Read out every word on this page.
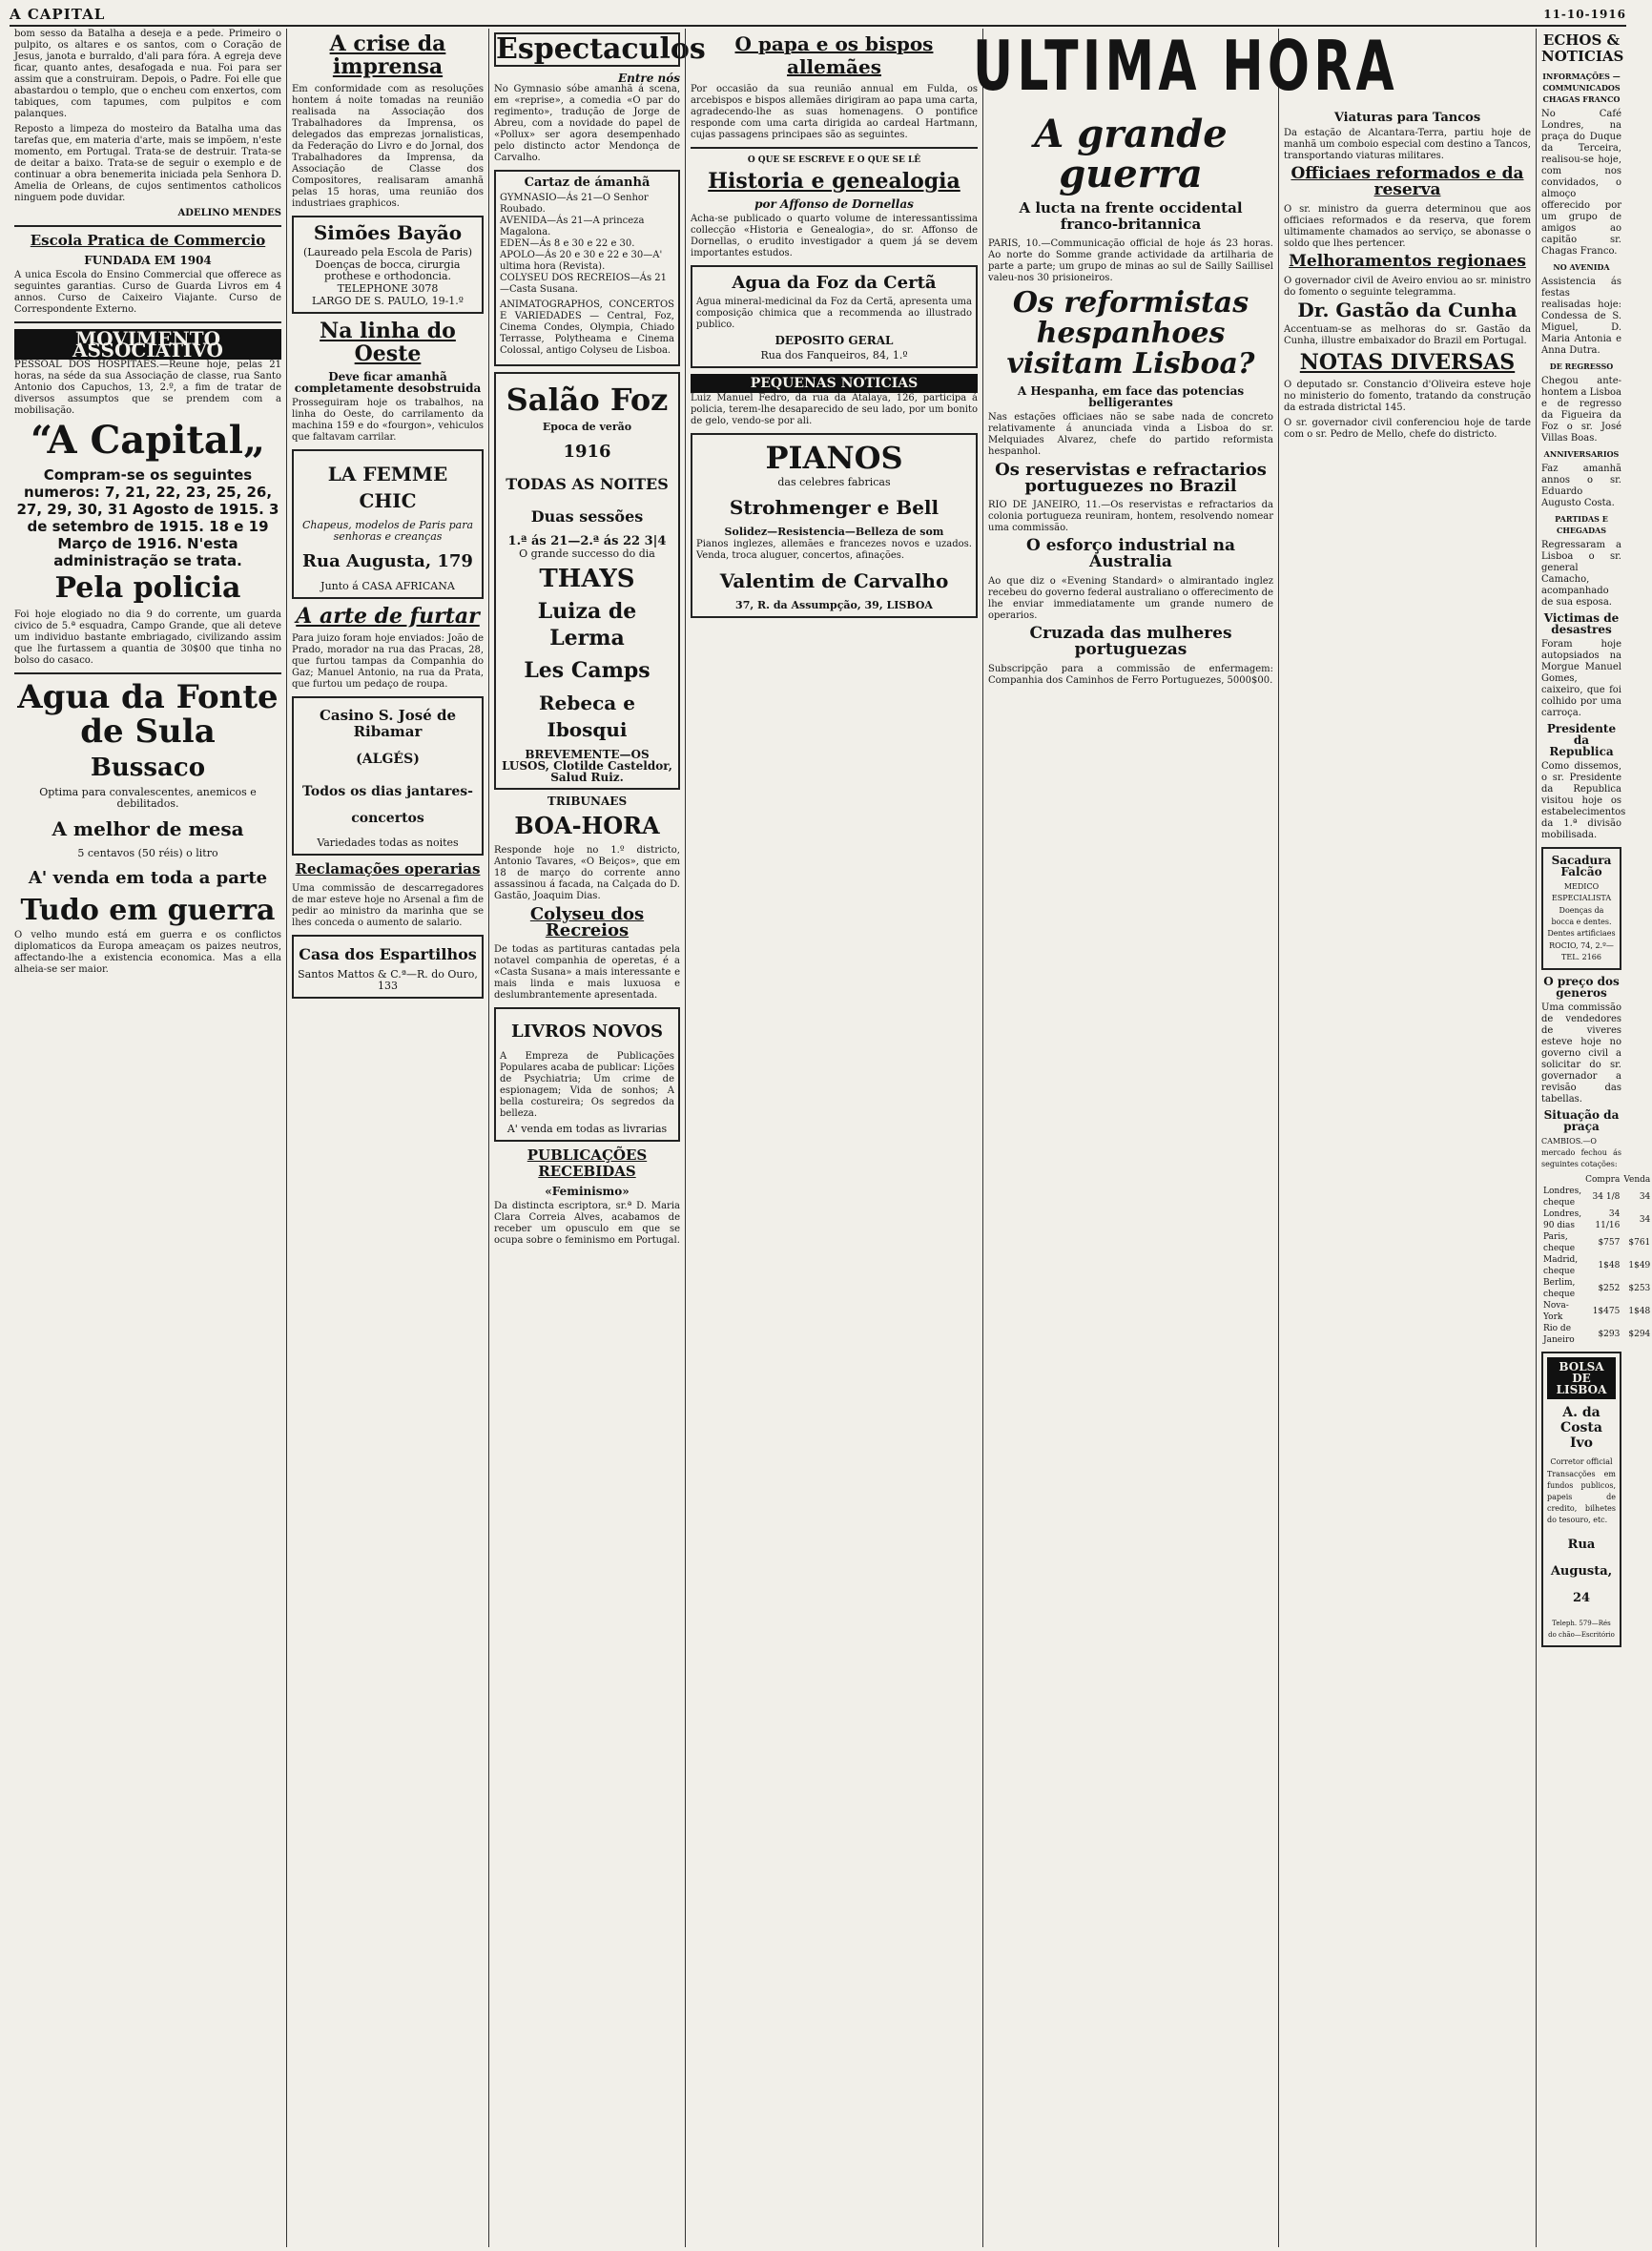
A CAPITAL	11-10-1916

bom sesso da Batalha a deseja e a pede. Primeiro o pulpito, os altares e os santos, com o Coração de Jesus, janota e burraldo, d'ali para fóra. A egreja deve ficar, quanto antes, desafogada e nua. Foi para ser assim que a construiram. Depois, o Padre. Foi elle que abastardou o templo, que o encheu com enxertos, com tabiques, com tapumes, com pulpitos e com palanques.

Reposto a limpeza do mosteiro da Batalha uma das tarefas que, em materia d'arte, mais se impõem, n'este momento, em Portugal. Trata-se de destruir. Trata-se de deitar a baixo. Trata-se de seguir o exemplo e de continuar a obra benemerita iniciada pela Senhora D. Amelia de Orleans, de cujos sentimentos catholicos ninguem pode duvidar.

ADELINO MENDES
Escola Pratica de Commercio
FUNDADA EM 1904

A unica Escola do Ensino Commercial que offerece as seguintes garantias. Curso de Guarda Livros em 4 annos. Curso de Caixeiro Viajante. Curso de Correspondente Externo.

MOVIMENTO ASSOCIATIVO

PESSOAL DOS HOSPITAES.—Reune hoje, pelas 21 horas, na séde da sua Associação de classe, rua Santo Antonio dos Capuchos, 13, 2.º, a fim de tratar de diversos assumptos que se prendem com a mobilisação.

“A Capital„

Compram-se os seguintes numeros: 7, 21, 22, 23, 25, 26, 27, 29, 30, 31 Agosto de 1915. 3 de setembro de 1915. 18 e 19 Março de 1916. N'esta administração se trata.

Pela policia

Foi hoje elogiado no dia 9 do corrente, um guarda civico de 5.ª esquadra, Campo Grande, que ali deteve um individuo bastante embriagado, civilizando assim que lhe furtassem a quantia de 30$00 que tinha no bolso do casaco.

Agua da Fonte de Sula
Bussaco
Optima para convalescentes, anemicos e debilitados.
A melhor de mesa
5 centavos (50 réis) o litro
A' venda em toda a parte
Tudo em guerra

O velho mundo está em guerra e os conflictos diplomaticos da Europa ameaçam os paizes neutros, affectando-lhe a existencia economica. Mas a ella alheia-se ser maior.

A crise da imprensa

Em conformidade com as resoluções hontem á noite tomadas na reunião realisada na Associação dos Trabalhadores da Imprensa, os delegados das emprezas jornalisticas, da Federação do Livro e do Jornal, dos Trabalhadores da Imprensa, da Associação de Classe dos Compositores, realisaram amanhã pelas 15 horas, uma reunião dos industriaes graphicos.

Simões Bayão
(Laureado pela Escola de Paris)
Doenças de bocca, cirurgia prothese e orthodoncia.
TELEPHONE 3078
LARGO DE S. PAULO, 19-1.º
Na linha do Oeste
Deve ficar amanhã completamente desobstruida

Prosseguiram hoje os trabalhos, na linha do Oeste, do carrilamento da machina 159 e do «fourgon», vehiculos que faltavam carrilar.

LA FEMME CHIC
Chapeus, modelos de Paris para senhoras e creanças
Rua Augusta, 179
Junto á CASA AFRICANA
A arte de furtar

Para juizo foram hoje enviados: João de Prado, morador na rua das Pracas, 28, que furtou tampas da Companhia do Gaz; Manuel Antonio, na rua da Prata, que furtou um pedaço de roupa.

Casino S. José de Ribamar
(ALGÉS)
Todos os dias jantares-concertos
Variedades todas as noites
Reclamações operarias

Uma commissão de descarregadores de mar esteve hoje no Arsenal a fim de pedir ao ministro da marinha que se lhes conceda o aumento de salario.

Casa dos Espartilhos
Santos Mattos & C.ª—R. do Ouro, 133
Espectaculos
Entre nós

No Gymnasio sóbe amanhã á scena, em «reprise», a comedia «O par do regimento», tradução de Jorge de Abreu, com a novidade do papel de «Pollux» ser agora desempenhado pelo distincto actor Mendonça de Carvalho.

Cartaz de ámanhã
GYMNASIO—Ás 21—O Senhor Roubado.
AVENIDA—Ás 21—A princeza Magalona.
EDEN—Ás 8 e 30 e 22 e 30.
APOLO—Ás 20 e 30 e 22 e 30—A' ultima hora (Revista).
COLYSEU DOS RECREIOS—Ás 21—Casta Susana.

ANIMATOGRAPHOS, CONCERTOS E VARIEDADES — Central, Foz, Cinema Condes, Olympia, Chiado Terrasse, Polytheama e Cinema Colossal, antigo Colyseu de Lisboa.

Salão Foz
Epoca de verão
1916
TODAS AS NOITES
Duas sessões
1.ª ás 21—2.ª ás 22 3|4
O grande successo do dia
THAYS
Luiza de Lerma
Les Camps
Rebeca e Ibosqui
BREVEMENTE—OS LUSOS, Clotilde Casteldor, Salud Ruiz.
TRIBUNAES
BOA-HORA

Responde hoje no 1.º districto, Antonio Tavares, «O Beiços», que em 18 de março do corrente anno assassinou á facada, na Calçada do D. Gastão, Joaquim Dias.

Colyseu dos Recreios

De todas as partituras cantadas pela notavel companhia de operetas, é a «Casta Susana» a mais interessante e mais linda e mais luxuosa e deslumbrantemente apresentada.

LIVROS NOVOS

A Empreza de Publicações Populares acaba de publicar: Lições de Psychiatria; Um crime de espionagem; Vida de sonhos; A bella costureira; Os segredos da belleza.

A' venda em todas as livrarias
PUBLICAÇÕES RECEBIDAS
«Feminismo»

Da distincta escriptora, sr.ª D. Maria Clara Correia Alves, acabamos de receber um opusculo em que se ocupa sobre o feminismo em Portugal.

O papa e os bispos allemães

Por occasião da sua reunião annual em Fulda, os arcebispos e bispos allemães dirigiram ao papa uma carta, agradecendo-lhe as suas homenagens. O pontifice responde com uma carta dirigida ao cardeal Hartmann, cujas passagens principaes são as seguintes.

O QUE SE ESCREVE E O QUE SE LÊ
Historia e genealogia
por Affonso de Dornellas

Acha-se publicado o quarto volume de interessantissima collecção «Historia e Genealogia», do sr. Affonso de Dornellas, o erudito investigador a quem já se devem importantes estudos.

Agua da Foz da Certã

Agua mineral-medicinal da Foz da Certã, apresenta uma composição chimica que a recommenda ao illustrado publico.

DEPOSITO GERAL
Rua dos Fanqueiros, 84, 1.º
PEQUENAS NOTICIAS

Luiz Manuel Fedro, da rua da Atalaya, 126, participa á policia, terem-lhe desaparecido de seu lado, por um bonito de gelo, vendo-se por ali.

PIANOS
das celebres fabricas
Strohmenger e Bell
Solidez—Resistencia—Belleza de som

Pianos inglezes, allemães e francezes novos e uzados. Venda, troca aluguer, concertos, afinações.

Valentim de Carvalho
37, R. da Assumpção, 39, LISBOA
A grande guerra
A lucta na frente occidental franco-britannica

PARIS, 10.—Communicação official de hoje ás 23 horas. Ao norte do Somme grande actividade da artilharia de parte a parte; um grupo de minas ao sul de Sailly Saillisel valeu-nos 30 prisioneiros.

Os reformistas hespanhoes visitam Lisboa?
A Hespanha, em face das potencias belligerantes

Nas estações officiaes não se sabe nada de concreto relativamente á anunciada vinda a Lisboa do sr. Melquiades Alvarez, chefe do partido reformista hespanhol.

Os reservistas e refractarios portuguezes no Brazil

RIO DE JANEIRO, 11.—Os reservistas e refractarios da colonia portugueza reuniram, hontem, resolvendo nomear uma commissão.

O esforço industrial na Australia

Ao que diz o «Evening Standard» o almirantado inglez recebeu do governo federal australiano o offerecimento de lhe enviar immediatamente um grande numero de operarios.

Cruzada das mulheres portuguezas

Subscripção para a commissão de enfermagem: Companhia dos Caminhos de Ferro Portuguezes, 5000$00.

Viaturas para Tancos

Da estação de Alcantara-Terra, partiu hoje de manhã um comboio especial com destino a Tancos, transportando viaturas militares.

Officiaes reformados e da reserva

O sr. ministro da guerra determinou que aos officiaes reformados e da reserva, que forem ultimamente chamados ao serviço, se abonasse o soldo que lhes pertencer.

Melhoramentos regionaes

O governador civil de Aveiro enviou ao sr. ministro do fomento o seguinte telegramma.

Dr. Gastão da Cunha

Accentuam-se as melhoras do sr. Gastão da Cunha, illustre embaixador do Brazil em Portugal.

NOTAS DIVERSAS

O deputado sr. Constancio d'Oliveira esteve hoje no ministerio do fomento, tratando da construção da estrada districtal 145.

O sr. governador civil conferenciou hoje de tarde com o sr. Pedro de Mello, chefe do districto.

ECHOS & NOTICIAS
INFORMAÇÕES — COMMUNICADOS CHAGAS FRANCO

No Café Londres, na praça do Duque da Terceira, realisou-se hoje, com nos convidados, o almoço offerecido por um grupo de amigos ao capitão sr. Chagas Franco.

NO AVENIDA

Assistencia ás festas realisadas hoje: Condessa de S. Miguel, D. Maria Antonia e Anna Dutra.

DE REGRESSO

Chegou ante-hontem a Lisboa e de regresso da Figueira da Foz o sr. José Villas Boas.

ANNIVERSARIOS

Faz amanhã annos o sr. Eduardo Augusto Costa.

PARTIDAS E CHEGADAS

Regressaram a Lisboa o sr. general Camacho, acompanhado de sua esposa.

Victimas de desastres

Foram hoje autopsiados na Morgue Manuel Gomes, caixeiro, que foi colhido por uma carroça.

Presidente da Republica

Como dissemos, o sr. Presidente da Republica visitou hoje os estabelecimentos da 1.ª divisão mobilisada.

Sacadura Falcão
MEDICO ESPECIALISTA
Doenças da bocca e dentes. Dentes artificiaes
ROCIO, 74, 2.º—TEL. 2166
O preço dos generos

Uma commissão de vendedores de viveres esteve hoje no governo civil a solicitar do sr. governador a revisão das tabellas.

Situação da praça

CAMBIOS.—O mercado fechou ás seguintes cotações:

	Compra	Venda
Londres, cheque	34 1/8	34
Londres, 90 dias	34 11/16	34
Paris, cheque	$757	$761
Madrid, cheque	1$48	1$49
Berlim, cheque	$252	$253
Nova-York	1$475	1$48
Rio de Janeiro	$293	$294
BOLSA DE LISBOA
A. da Costa Ivo
Corretor official

Transacções em fundos publicos, papeis de credito, bilhetes do tesouro, etc.

Rua Augusta, 24
Teleph. 579—Rés do chão—Escritório
ULTIMA HORA
